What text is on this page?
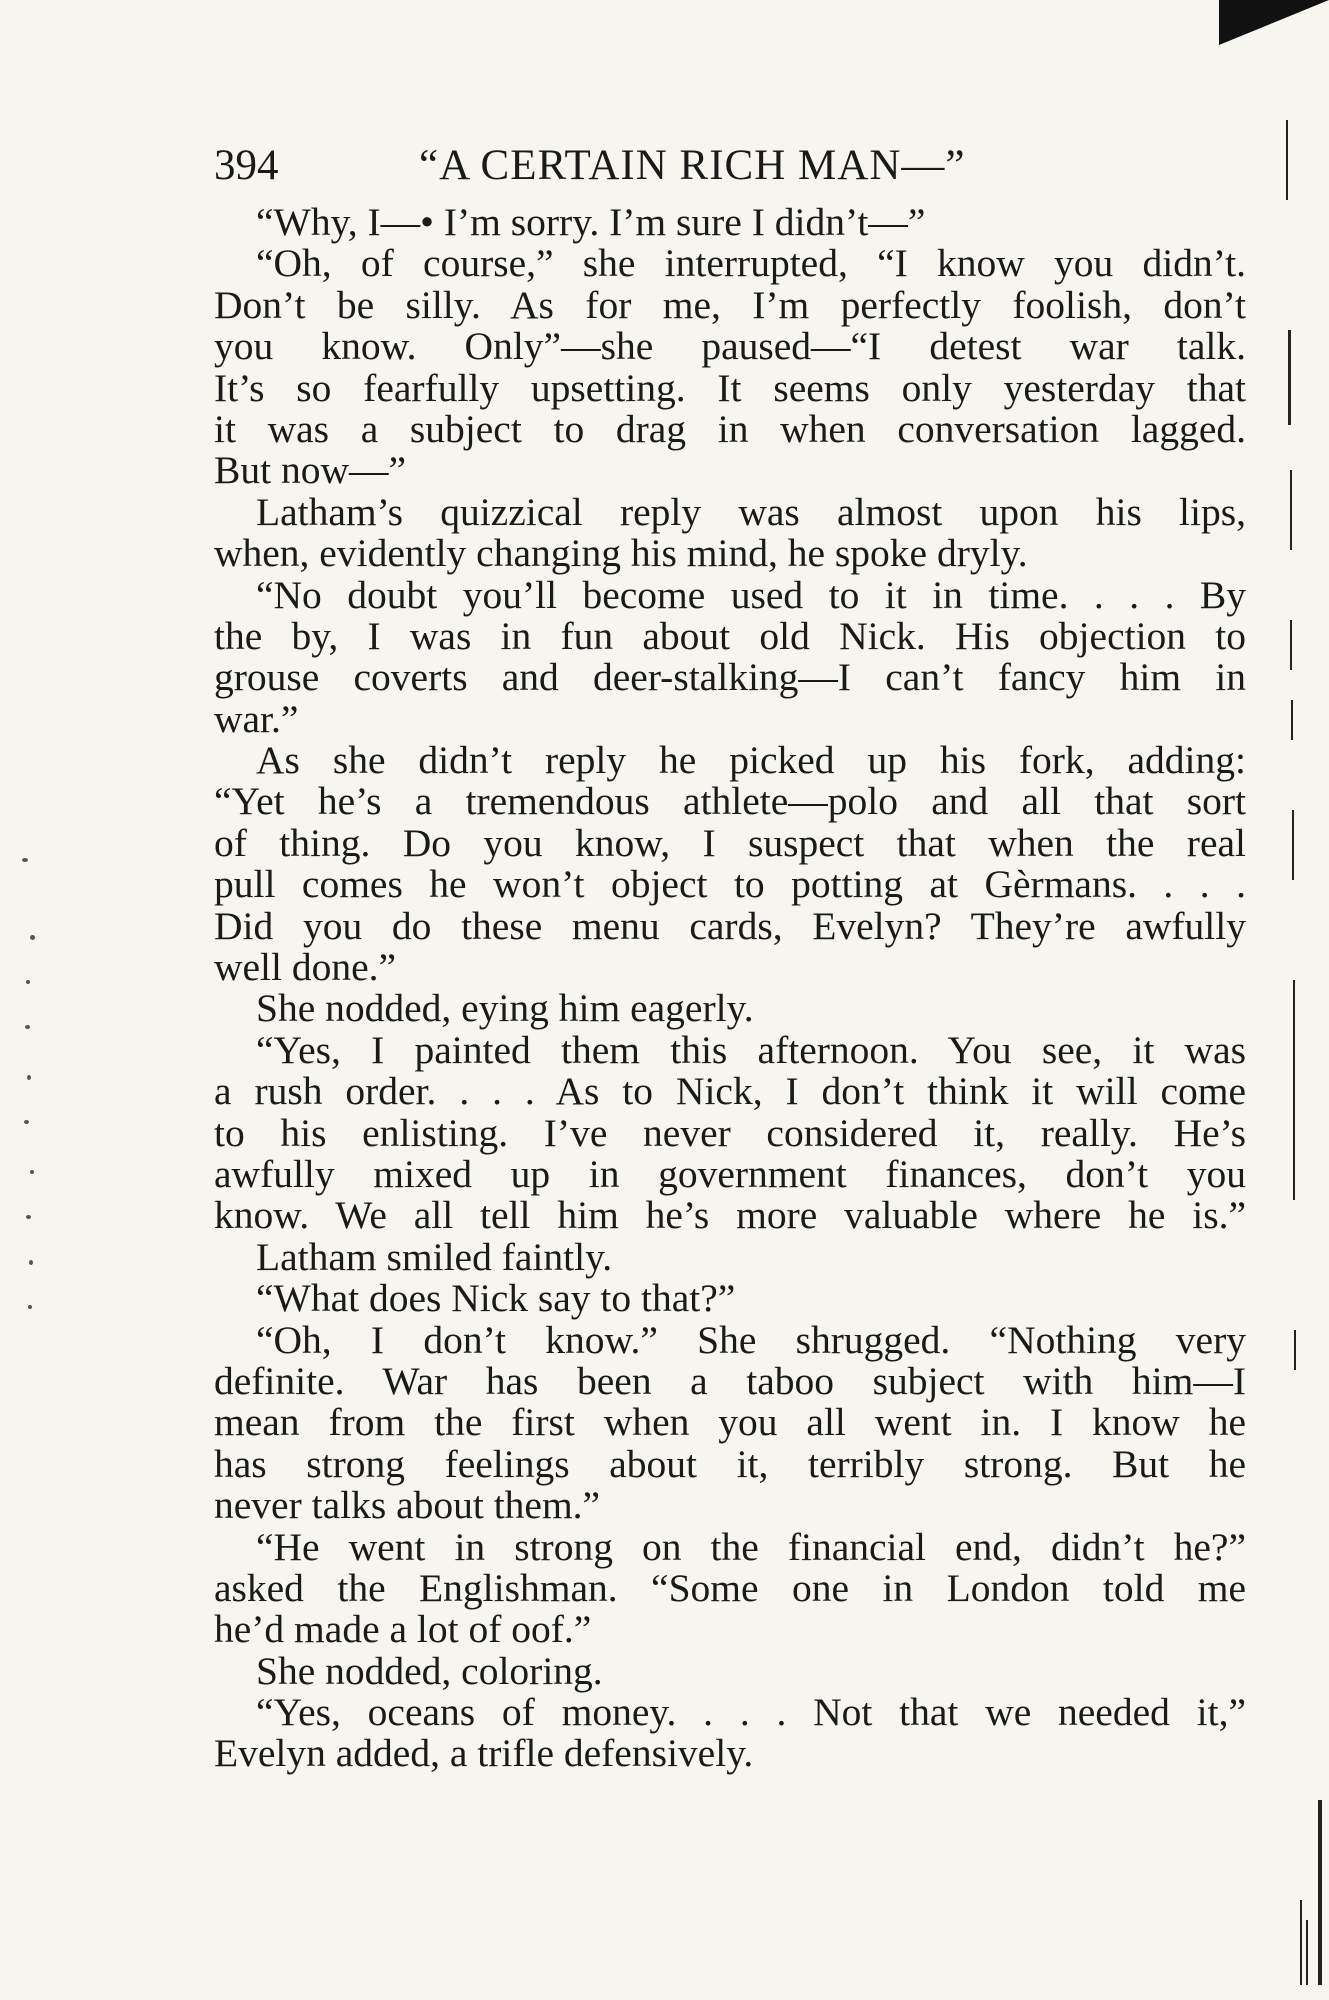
394	“A CERTAIN RICH MAN—”
“Why, I—• I’m sorry. I’m sure I didn’t—”
“Oh, of course,” she interrupted, “I know you didn’t.
Don’t be silly. As for me, I’m perfectly foolish, don’t
you know. Only”—she paused—“I detest war talk.
It’s so fearfully upsetting. It seems only yesterday that
it was a subject to drag in when conversation lagged.
But now—”
Latham’s quizzical reply was almost upon his lips,
when, evidently changing his mind, he spoke dryly.
“No doubt you’ll become used to it in time. . . . By
the by, I was in fun about old Nick. His objection to
grouse coverts and deer-stalking—I can’t fancy him in
war.”
As she didn’t reply he picked up his fork, adding:
“Yet he’s a tremendous athlete—polo and all that sort
of thing. Do you know, I suspect that when the real
pull comes he won’t object to potting at Gèrmans. . . .
Did you do these menu cards, Evelyn? They’re awfully
well done.”
She nodded, eying him eagerly.
“Yes, I painted them this afternoon. You see, it was
a rush order. . . . As to Nick, I don’t think it will come
to his enlisting. I’ve never considered it, really. He’s
awfully mixed up in government finances, don’t you
know. We all tell him he’s more valuable where he is.”
Latham smiled faintly.
“What does Nick say to that?”
“Oh, I don’t know.” She shrugged. “Nothing very
definite. War has been a taboo subject with him—I
mean from the first when you all went in. I know he
has strong feelings about it, terribly strong. But he
never talks about them.”
“He went in strong on the financial end, didn’t he?”
asked the Englishman. “Some one in London told me
he’d made a lot of oof.”
She nodded, coloring.
“Yes, oceans of money. . . . Not that we needed it,”
Evelyn added, a trifle defensively.
